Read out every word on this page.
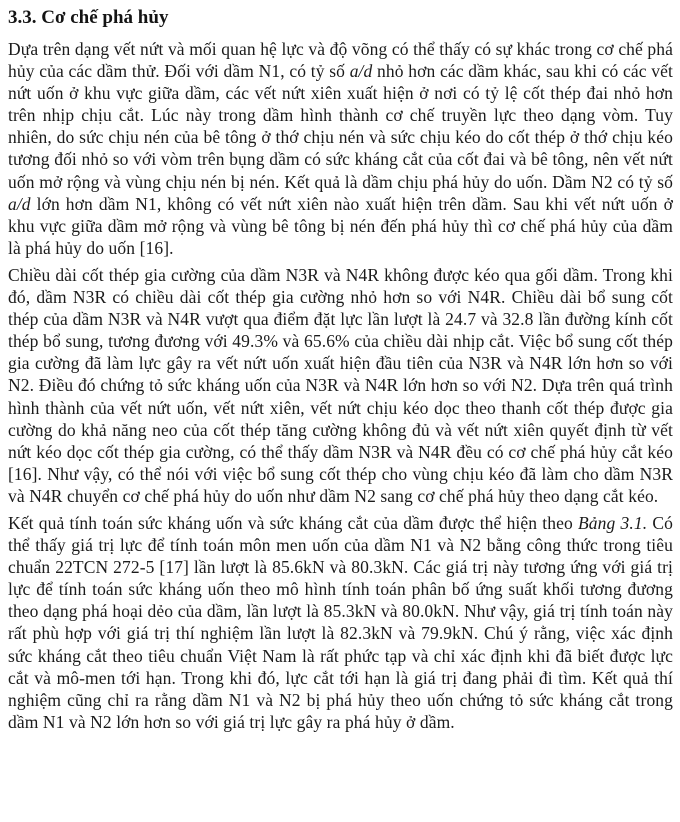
3.3. Cơ chế phá hủy

Dựa trên dạng vết nứt và mối quan hệ lực và độ võng có thể thấy có sự khác trong cơ chế phá hủy của các dầm thử. Đối với dầm N1, có tỷ số a/d nhỏ hơn các dầm khác, sau khi có các vết nứt uốn ở khu vực giữa dầm, các vết nứt xiên xuất hiện ở nơi có tỷ lệ cốt thép đai nhỏ hơn trên nhịp chịu cắt. Lúc này trong dầm hình thành cơ chế truyền lực theo dạng vòm. Tuy nhiên, do sức chịu nén của bê tông ở thớ chịu nén và sức chịu kéo do cốt thép ở thớ chịu kéo tương đối nhỏ so với vòm trên bụng dầm có sức kháng cắt của cốt đai và bê tông, nên vết nứt uốn mở rộng và vùng chịu nén bị nén. Kết quả là dầm chịu phá hủy do uốn. Dầm N2 có tỷ số a/d lớn hơn dầm N1, không có vết nứt xiên nào xuất hiện trên dầm. Sau khi vết nứt uốn ở khu vực giữa dầm mở rộng và vùng bê tông bị nén đến phá hủy thì cơ chế phá hủy của dầm là phá hủy do uốn [16].

Chiều dài cốt thép gia cường của dầm N3R và N4R không được kéo qua gối dầm. Trong khi đó, dầm N3R có chiều dài cốt thép gia cường nhỏ hơn so với N4R. Chiều dài bổ sung cốt thép của dầm N3R và N4R vượt qua điểm đặt lực lần lượt là 24.7 và 32.8 lần đường kính cốt thép bổ sung, tương đương với 49.3% và 65.6% của chiều dài nhịp cắt. Việc bổ sung cốt thép gia cường đã làm lực gây ra vết nứt uốn xuất hiện đầu tiên của N3R và N4R lớn hơn so với N2. Điều đó chứng tỏ sức kháng uốn của N3R và N4R lớn hơn so với N2. Dựa trên quá trình hình thành của vết nứt uốn, vết nứt xiên, vết nứt chịu kéo dọc theo thanh cốt thép được gia cường do khả năng neo của cốt thép tăng cường không đủ và vết nứt xiên quyết định từ vết nứt kéo dọc cốt thép gia cường, có thể thấy dầm N3R và N4R đều có cơ chế phá hủy cắt kéo [16]. Như vậy, có thể nói với việc bổ sung cốt thép cho vùng chịu kéo đã làm cho dầm N3R và N4R chuyển cơ chế phá hủy do uốn như dầm N2 sang cơ chế phá hủy theo dạng cắt kéo.

Kết quả tính toán sức kháng uốn và sức kháng cắt của dầm được thể hiện theo Bảng 3.1. Có thể thấy giá trị lực để tính toán môn men uốn của dầm N1 và N2 bằng công thức trong tiêu chuẩn 22TCN 272-5 [17] lần lượt là 85.6kN và 80.3kN. Các giá trị này tương ứng với giá trị lực để tính toán sức kháng uốn theo mô hình tính toán phân bố ứng suất khối tương đương theo dạng phá hoại dẻo của dầm, lần lượt là 85.3kN và 80.0kN. Như vậy, giá trị tính toán này rất phù hợp với giá trị thí nghiệm lần lượt là 82.3kN và 79.9kN. Chú ý rằng, việc xác định sức kháng cắt theo tiêu chuẩn Việt Nam là rất phức tạp và chỉ xác định khi đã biết được lực cắt và mô-men tới hạn. Trong khi đó, lực cắt tới hạn là giá trị đang phải đi tìm. Kết quả thí nghiệm cũng chỉ ra rằng dầm N1 và N2 bị phá hủy theo uốn chứng tỏ sức kháng cắt trong dầm N1 và N2 lớn hơn so với giá trị lực gây ra phá hủy ở dầm.
